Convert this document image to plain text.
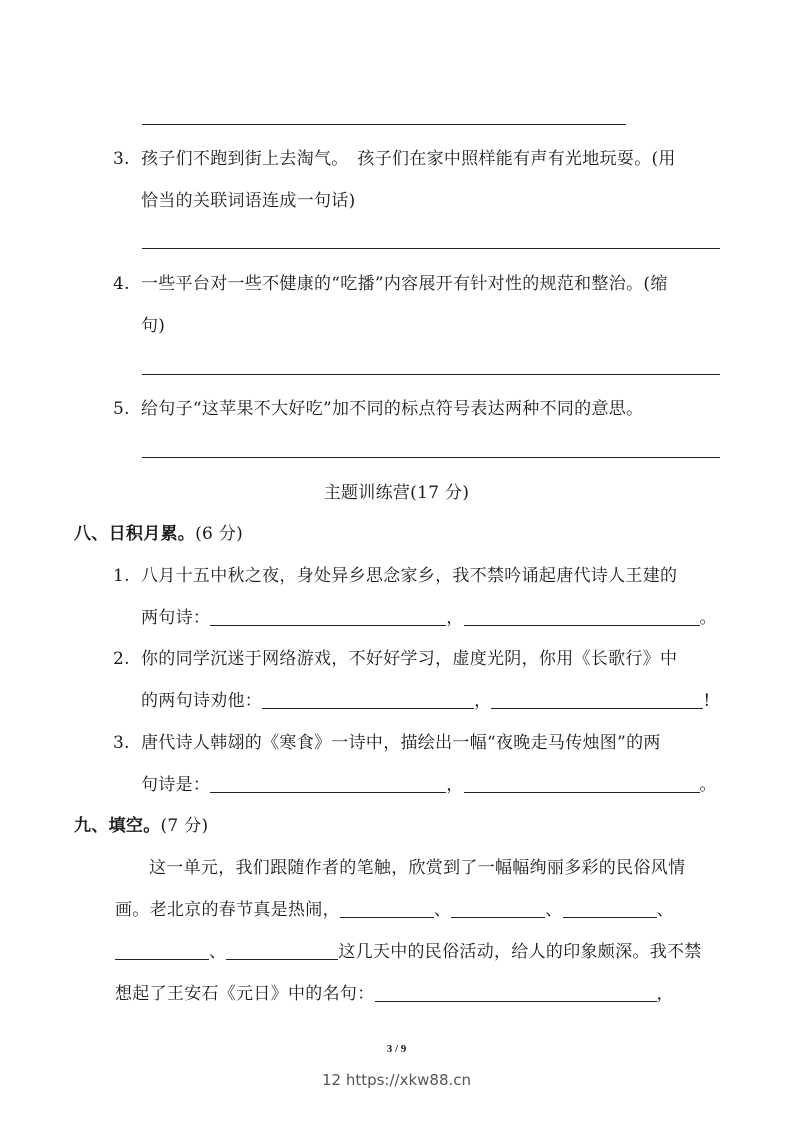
3. 孩子们不跑到街上去淘气。　孩子们在家中照样能有声有光地玩耍。(用
恰当的关联词语连成一句话)
4. 一些平台对一些不健康的“吃播”内容展开有针对性的规范和整治。(缩
句)
5. 给句子“这苹果不大好吃”加不同的标点符号表达两种不同的意思。
主题训练营(17 分)
八、日积月累。(6 分)
1. 八月十五中秋之夜，身处异乡思念家乡，我不禁吟诵起唐代诗人王建的
两句诗：	，	。
2. 你的同学沉迷于网络游戏，不好好学习，虚度光阴，你用《长歌行》中
的两句诗劝他：	，	!
3. 唐代诗人韩翃的《寒食》一诗中，描绘出一幅“夜晚走马传烛图”的两
句诗是：	，	。
九、填空。(7 分)
这一单元，我们跟随作者的笔触，欣赏到了一幅幅绚丽多彩的民俗风情
画。老北京的春节真是热闹，	、	、	、
、	这几天中的民俗活动，给人的印象颇深。我不禁
想起了王安石《元日》中的名句：	，
3 / 9
12 https://xkw88.cn
